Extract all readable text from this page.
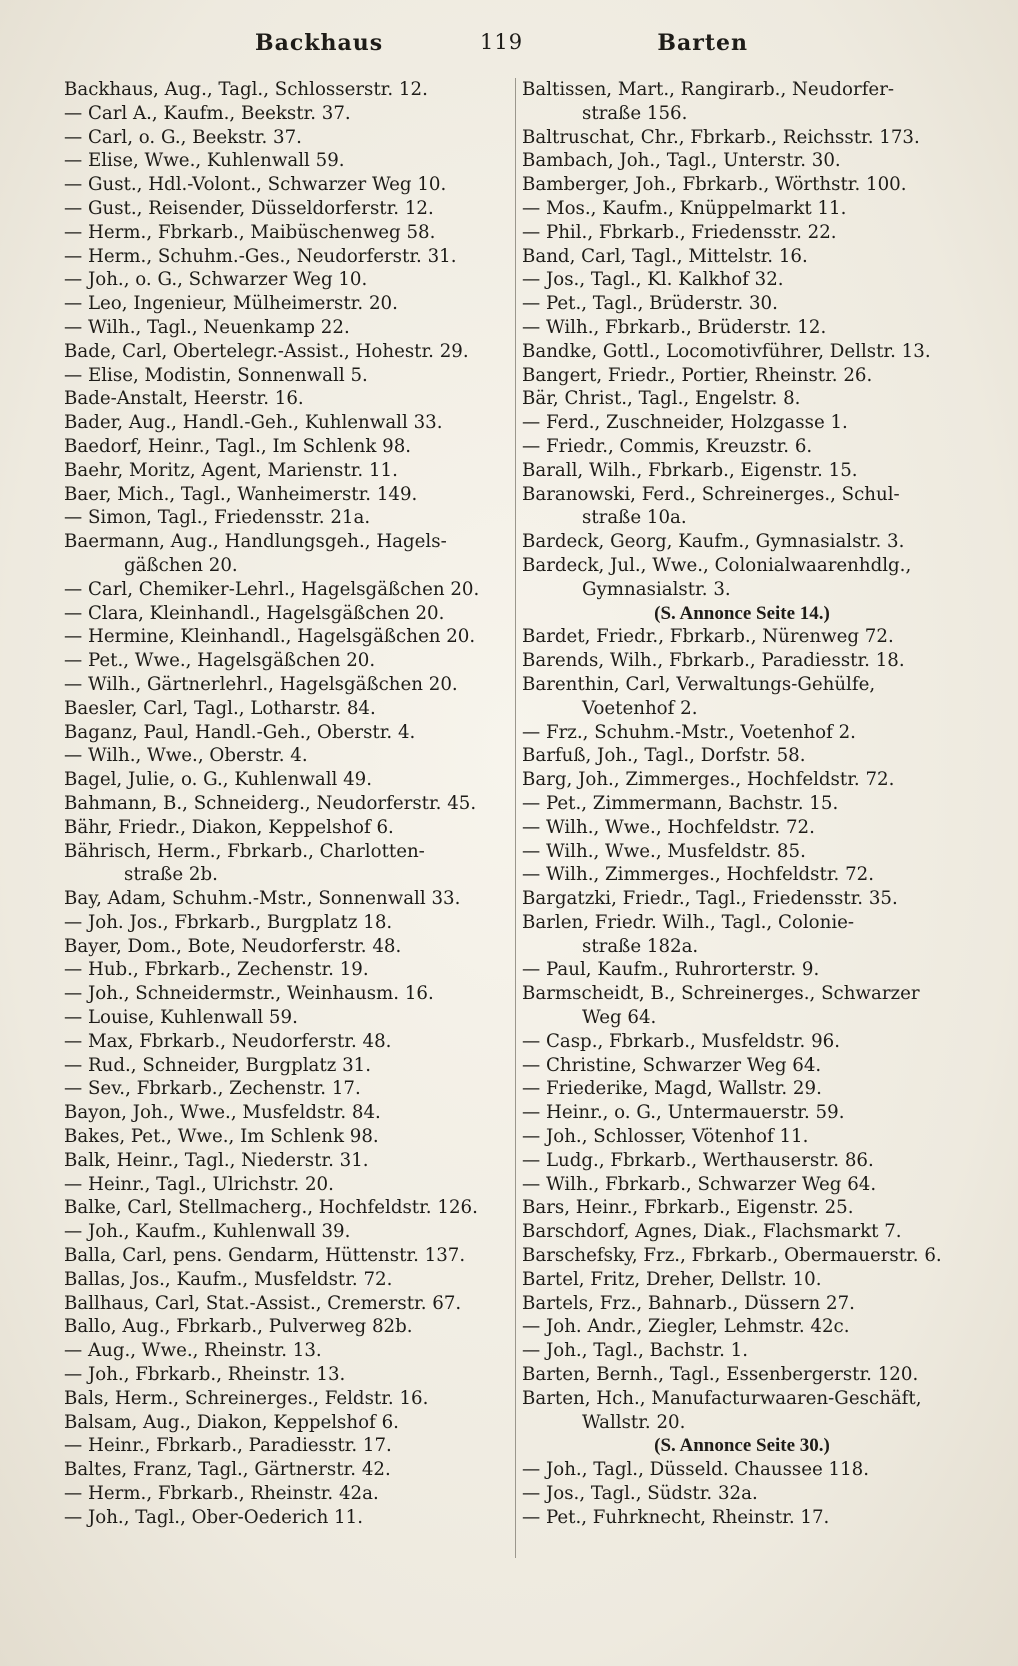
Backhaus	119	Barten
Backhaus, Aug., Tagl., Schlosserstr. 12.
— Carl A., Kaufm., Beekstr. 37.
— Carl, o. G., Beekstr. 37.
— Elise, Wwe., Kuhlenwall 59.
— Gust., Hdl.-Volont., Schwarzer Weg 10.
— Gust., Reisender, Düsseldorferstr. 12.
— Herm., Fbrkarb., Maibüschenweg 58.
— Herm., Schuhm.-Ges., Neudorferstr. 31.
— Joh., o. G., Schwarzer Weg 10.
— Leo, Ingenieur, Mülheimerstr. 20.
— Wilh., Tagl., Neuenkamp 22.
Bade, Carl, Obertelegr.-Assist., Hohestr. 29.
— Elise, Modistin, Sonnenwall 5.
Bade-Anstalt, Heerstr. 16.
Bader, Aug., Handl.-Geh., Kuhlenwall 33.
Baedorf, Heinr., Tagl., Im Schlenk 98.
Baehr, Moritz, Agent, Marienstr. 11.
Baer, Mich., Tagl., Wanheimerstr. 149.
— Simon, Tagl., Friedensstr. 21a.
Baermann, Aug., Handlungsgeh., Hagels-
gäßchen 20.
— Carl, Chemiker-Lehrl., Hagelsgäßchen 20.
— Clara, Kleinhandl., Hagelsgäßchen 20.
— Hermine, Kleinhandl., Hagelsgäßchen 20.
— Pet., Wwe., Hagelsgäßchen 20.
— Wilh., Gärtnerlehrl., Hagelsgäßchen 20.
Baesler, Carl, Tagl., Lotharstr. 84.
Baganz, Paul, Handl.-Geh., Oberstr. 4.
— Wilh., Wwe., Oberstr. 4.
Bagel, Julie, o. G., Kuhlenwall 49.
Bahmann, B., Schneiderg., Neudorferstr. 45.
Bähr, Friedr., Diakon, Keppelshof 6.
Bährisch, Herm., Fbrkarb., Charlotten-
straße 2b.
Bay, Adam, Schuhm.-Mstr., Sonnenwall 33.
— Joh. Jos., Fbrkarb., Burgplatz 18.
Bayer, Dom., Bote, Neudorferstr. 48.
— Hub., Fbrkarb., Zechenstr. 19.
— Joh., Schneidermstr., Weinhausm. 16.
— Louise, Kuhlenwall 59.
— Max, Fbrkarb., Neudorferstr. 48.
— Rud., Schneider, Burgplatz 31.
— Sev., Fbrkarb., Zechenstr. 17.
Bayon, Joh., Wwe., Musfeldstr. 84.
Bakes, Pet., Wwe., Im Schlenk 98.
Balk, Heinr., Tagl., Niederstr. 31.
— Heinr., Tagl., Ulrichstr. 20.
Balke, Carl, Stellmacherg., Hochfeldstr. 126.
— Joh., Kaufm., Kuhlenwall 39.
Balla, Carl, pens. Gendarm, Hüttenstr. 137.
Ballas, Jos., Kaufm., Musfeldstr. 72.
Ballhaus, Carl, Stat.-Assist., Cremerstr. 67.
Ballo, Aug., Fbrkarb., Pulverweg 82b.
— Aug., Wwe., Rheinstr. 13.
— Joh., Fbrkarb., Rheinstr. 13.
Bals, Herm., Schreinerges., Feldstr. 16.
Balsam, Aug., Diakon, Keppelshof 6.
— Heinr., Fbrkarb., Paradiesstr. 17.
Baltes, Franz, Tagl., Gärtnerstr. 42.
— Herm., Fbrkarb., Rheinstr. 42a.
— Joh., Tagl., Ober-Oederich 11.
Baltissen, Mart., Rangirarb., Neudorfer-
straße 156.
Baltruschat, Chr., Fbrkarb., Reichsstr. 173.
Bambach, Joh., Tagl., Unterstr. 30.
Bamberger, Joh., Fbrkarb., Wörthstr. 100.
— Mos., Kaufm., Knüppelmarkt 11.
— Phil., Fbrkarb., Friedensstr. 22.
Band, Carl, Tagl., Mittelstr. 16.
— Jos., Tagl., Kl. Kalkhof 32.
— Pet., Tagl., Brüderstr. 30.
— Wilh., Fbrkarb., Brüderstr. 12.
Bandke, Gottl., Locomotivführer, Dellstr. 13.
Bangert, Friedr., Portier, Rheinstr. 26.
Bär, Christ., Tagl., Engelstr. 8.
— Ferd., Zuschneider, Holzgasse 1.
— Friedr., Commis, Kreuzstr. 6.
Barall, Wilh., Fbrkarb., Eigenstr. 15.
Baranowski, Ferd., Schreinerges., Schul-
straße 10a.
Bardeck, Georg, Kaufm., Gymnasialstr. 3.
Bardeck, Jul., Wwe., Colonialwaarenhdlg.,
Gymnasialstr. 3.
(S. Annonce Seite 14.)
Bardet, Friedr., Fbrkarb., Nürenweg 72.
Barends, Wilh., Fbrkarb., Paradiesstr. 18.
Barenthin, Carl, Verwaltungs-Gehülfe,
Voetenhof 2.
— Frz., Schuhm.-Mstr., Voetenhof 2.
Barfuß, Joh., Tagl., Dorfstr. 58.
Barg, Joh., Zimmerges., Hochfeldstr. 72.
— Pet., Zimmermann, Bachstr. 15.
— Wilh., Wwe., Hochfeldstr. 72.
— Wilh., Wwe., Musfeldstr. 85.
— Wilh., Zimmerges., Hochfeldstr. 72.
Bargatzki, Friedr., Tagl., Friedensstr. 35.
Barlen, Friedr. Wilh., Tagl., Colonie-
straße 182a.
— Paul, Kaufm., Ruhrorterstr. 9.
Barmscheidt, B., Schreinerges., Schwarzer
Weg 64.
— Casp., Fbrkarb., Musfeldstr. 96.
— Christine, Schwarzer Weg 64.
— Friederike, Magd, Wallstr. 29.
— Heinr., o. G., Untermauerstr. 59.
— Joh., Schlosser, Vötenhof 11.
— Ludg., Fbrkarb., Werthauserstr. 86.
— Wilh., Fbrkarb., Schwarzer Weg 64.
Bars, Heinr., Fbrkarb., Eigenstr. 25.
Barschdorf, Agnes, Diak., Flachsmarkt 7.
Barschefsky, Frz., Fbrkarb., Obermauerstr. 6.
Bartel, Fritz, Dreher, Dellstr. 10.
Bartels, Frz., Bahnarb., Düssern 27.
— Joh. Andr., Ziegler, Lehmstr. 42c.
— Joh., Tagl., Bachstr. 1.
Barten, Bernh., Tagl., Essenbergerstr. 120.
Barten, Hch., Manufacturwaaren-Geschäft,
Wallstr. 20.
(S. Annonce Seite 30.)
— Joh., Tagl., Düsseld. Chaussee 118.
— Jos., Tagl., Südstr. 32a.
— Pet., Fuhrknecht, Rheinstr. 17.
